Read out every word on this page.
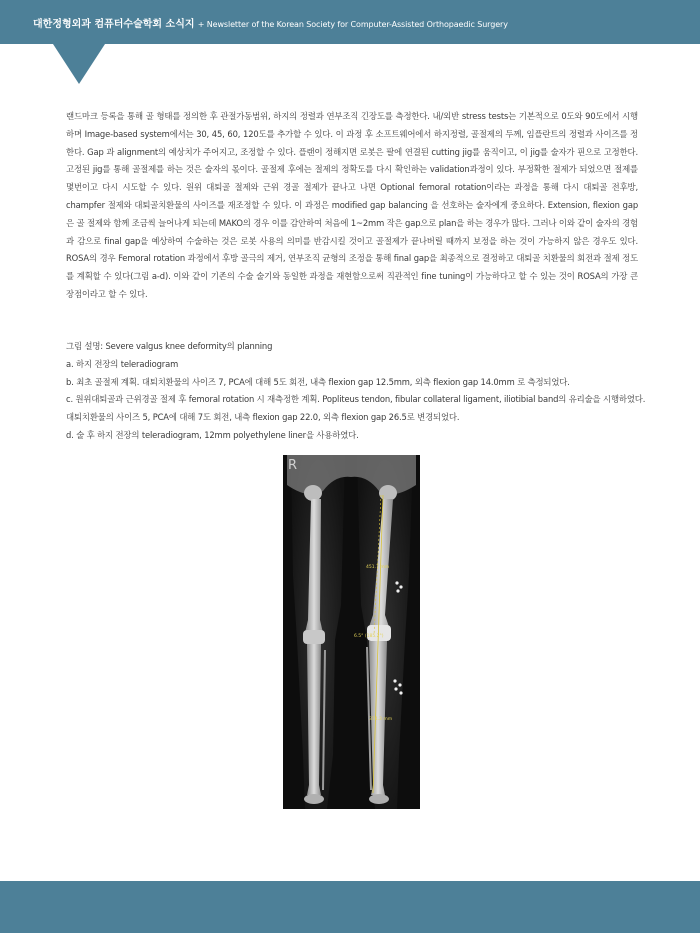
대한정형외과 컴퓨터수술학회 소식지 + Newsletter of the Korean Society for Computer-Assisted Orthopaedic Surgery

랜드마크 등록을 통해 골 형태를 정의한 후 관절가동범위, 하지의 정렬과 연부조직 긴장도를 측정한다. 내/외반 stress tests는 기본적으로 0도와 90도에서 시행하며 Image-based system에서는 30, 45, 60, 120도를 추가할 수 있다. 이 과정 후 소프트웨어에서 하지정렬, 골절제의 두께, 임플란트의 정렬과 사이즈를 정한다. Gap 과 alignment의 예상치가 주어지고, 조정할 수 있다. 플랜이 정해지면 로봇은 팔에 연결된 cutting jig를 움직이고, 이 jig를 술자가 핀으로 고정한다. 고정된 jig를 통해 골절제를 하는 것은 술자의 몫이다. 골절제 후에는 절제의 정확도를 다시 확인하는 validation과정이 있다. 부정확한 절제가 되었으면 절제를 몇번이고 다시 시도할 수 있다. 원위 대퇴골 절제와 근위 경골 절제가 끝나고 나면 Optional femoral rotation이라는 과정을 통해 다시 대퇴골 전후방, champfer 절제와 대퇴골치환물의 사이즈를 재조정할 수 있다. 이 과정은 modified gap balancing 을 선호하는 술자에게 중요하다. Extension, flexion gap은 골 절제와 함께 조금씩 늘어나게 되는데 MAKO의 경우 이를 감안하여 처음에 1~2mm 작은 gap으로 plan을 하는 경우가 많다. 그러나 이와 같이 술자의 경험과 감으로 final gap을 예상하여 수술하는 것은 로봇 사용의 의미를 반감시킬 것이고 골절제가 끝나버릴 때까지 보정을 하는 것이 가능하지 않은 경우도 있다. ROSA의 경우 Femoral rotation 과정에서 후방 골극의 제거, 연부조직 균형의 조정을 통해 final gap을 최종적으로 결정하고 대퇴골 치환물의 회전과 절제 정도를 계획할 수 있다(그림 a-d). 이와 같이 기존의 수술 술기와 동일한 과정을 재현함으로써 직관적인 fine tuning이 가능하다고 할 수 있는 것이 ROSA의 가장 큰 장점이라고 할 수 있다.

그림 설명: Severe valgus knee deformity의 planning

a. 하지 전장의 teleradiogram

b. 최초 골절제 계획. 대퇴치환물의 사이즈 7, PCA에 대해 5도 회전, 내측 flexion gap 12.5mm, 외측 flexion gap 14.0mm 로 측정되었다.

c. 원위대퇴골과 근위경골 절제 후 femoral rotation 시 재측정한 계획. Popliteus tendon, fibular collateral ligament, iliotibial band의 유리술을 시행하였다. 대퇴치환물의 사이즈 5, PCA에 대해 7도 회전, 내측 flexion gap 22.0, 외측 flexion gap 26.5로 변경되었다.

d. 술 후 하지 전장의 teleradiogram, 12mm polyethylene liner을 사용하였다.

R
451.7 mm
6.5° (185.2°)
374.3 mm
